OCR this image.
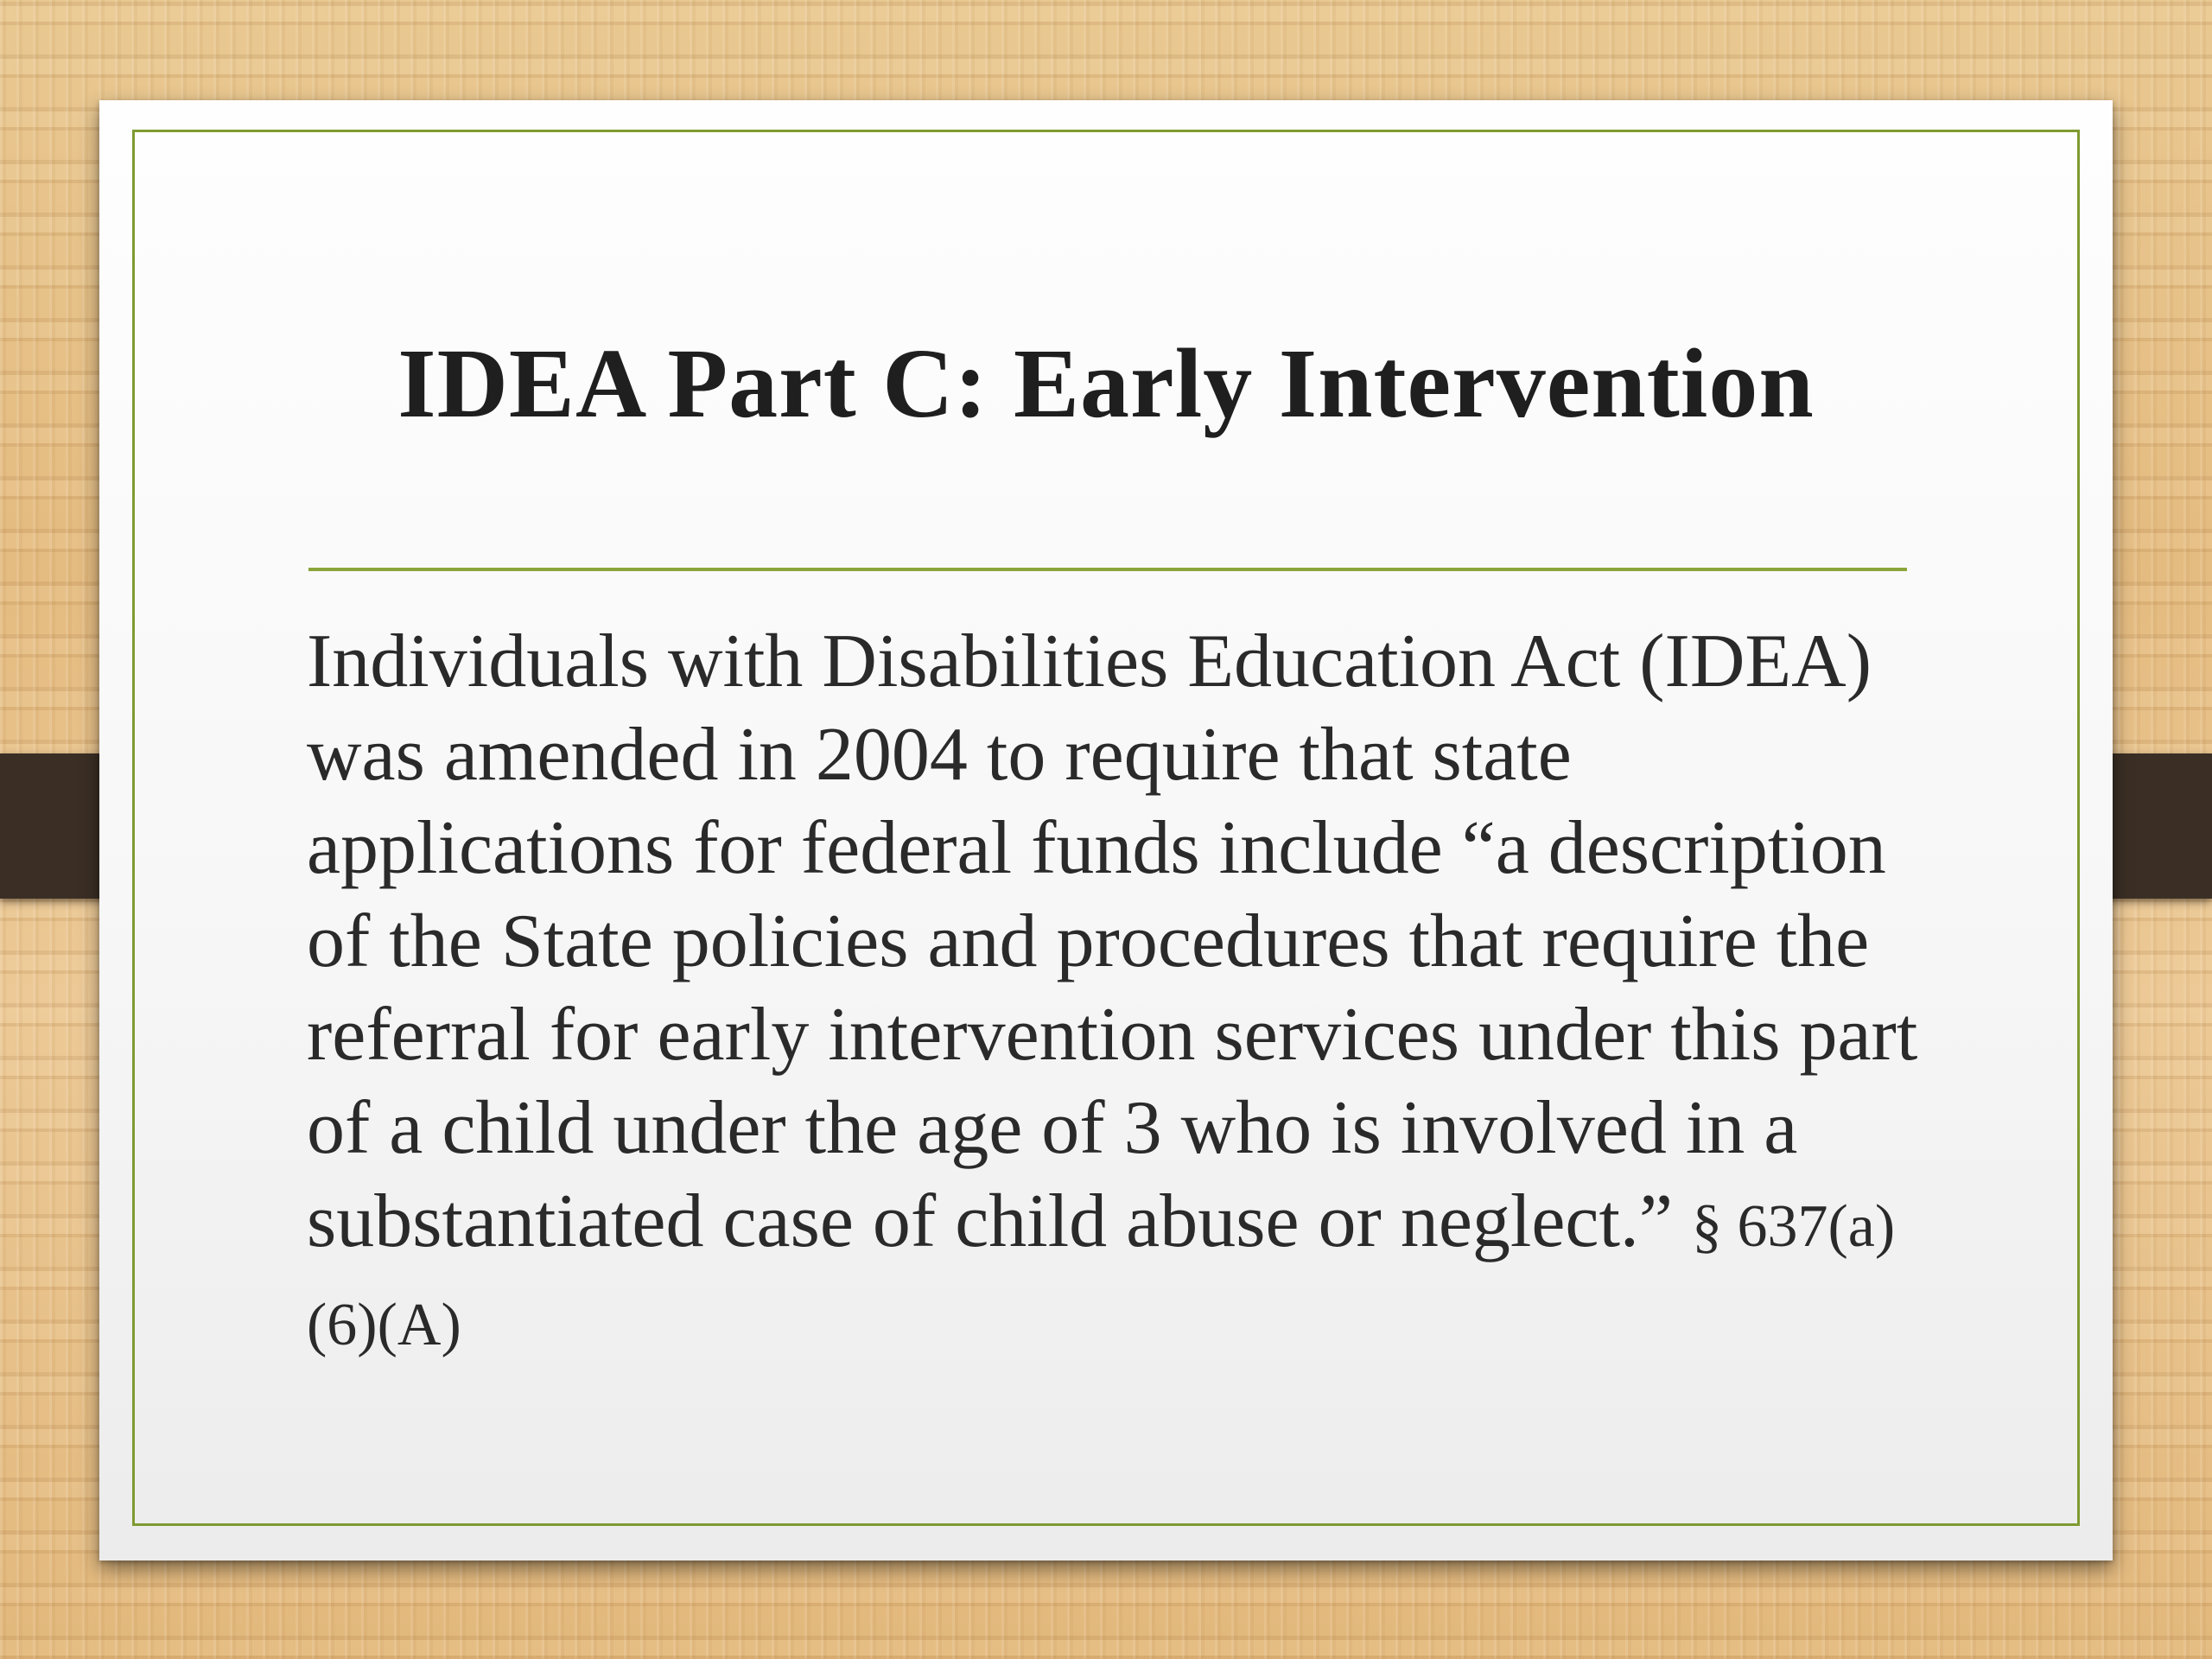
IDEA Part C: Early Intervention

Individuals with Disabilities Education Act (IDEA) was amended in 2004 to require that state applications for federal funds include “a description of the State policies and procedures that require the referral for early intervention services under this part of a child under the age of 3 who is involved in a substantiated case of child abuse or neglect.” § 637(a)(6)(A)
